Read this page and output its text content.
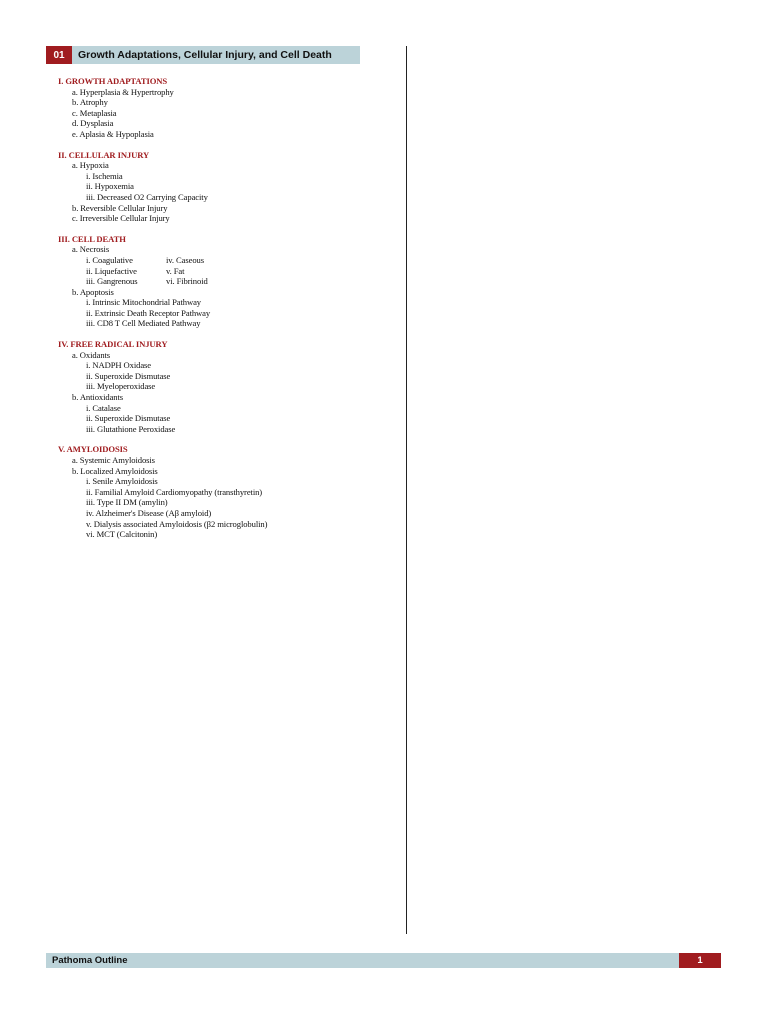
01	Growth Adaptations, Cellular Injury, and Cell Death
I. GROWTH ADAPTATIONS
a. Hyperplasia & Hypertrophy
b. Atrophy
c. Metaplasia
d. Dysplasia
e. Aplasia & Hypoplasia
II. CELLULAR INJURY
a. Hypoxia
i. Ischemia
ii. Hypoxemia
iii. Decreased O2 Carrying Capacity
b. Reversible Cellular Injury
c. Irreversible Cellular Injury
III. CELL DEATH
a. Necrosis
i. Coagulative
ii. Liquefactive
iii. Gangrenous
iv. Caseous
v. Fat
vi. Fibrinoid
b. Apoptosis
i. Intrinsic Mitochondrial Pathway
ii. Extrinsic Death Receptor Pathway
iii. CD8 T Cell Mediated Pathway
IV. FREE RADICAL INJURY
a. Oxidants
i. NADPH Oxidase
ii. Superoxide Dismutase
iii. Myeloperoxidase
b. Antioxidants
i. Catalase
ii. Superoxide Dismutase
iii. Glutathione Peroxidase
V. AMYLOIDOSIS
a. Systemic Amyloidosis
b. Localized Amyloidosis
i. Senile Amyloidosis
ii. Familial Amyloid Cardiomyopathy (transthyretin)
iii. Type II DM (amylin)
iv. Alzheimer's Disease (Aβ amyloid)
v. Dialysis associated Amyloidosis (β2 microglobulin)
vi. MCT (Calcitonin)
Pathoma Outline	1
